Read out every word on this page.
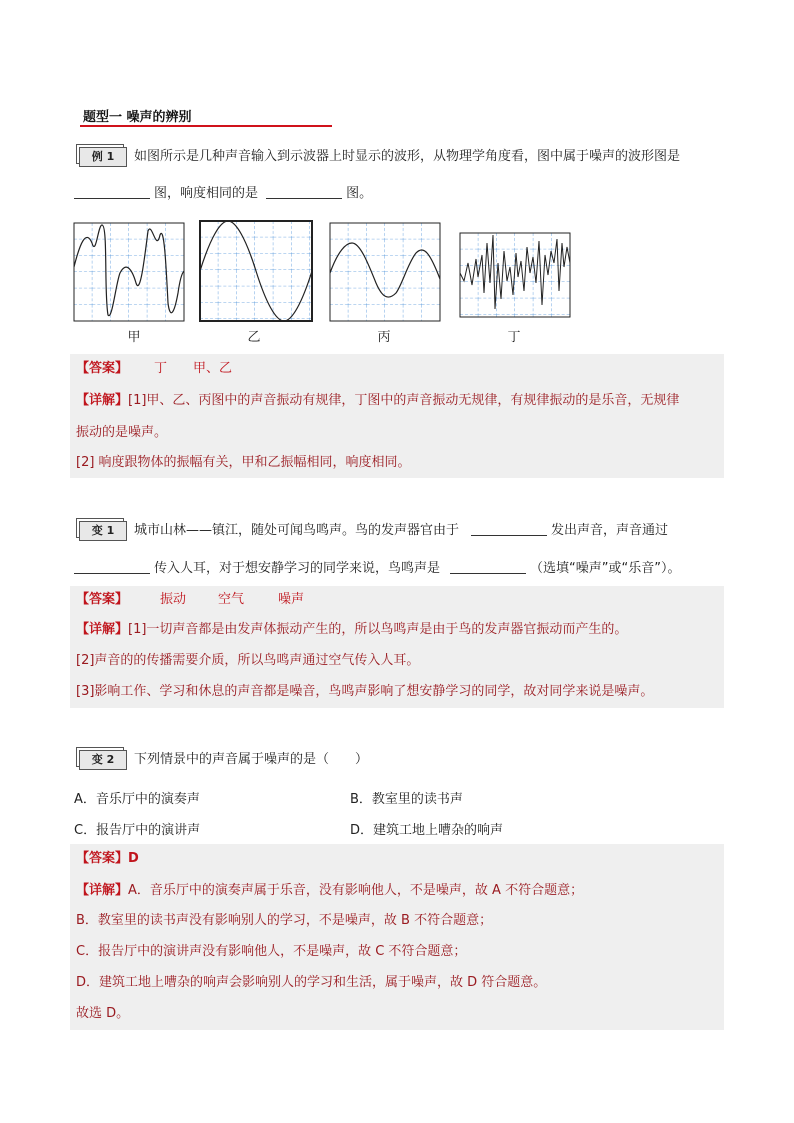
题型一 噪声的辨别
例 1	如图所示是几种声音输入到示波器上时显示的波形，从物理学角度看，图中属于噪声的波形图是
图，响度相同的是	图。
甲	乙	丙	丁
【答案】 丁 甲、乙
【详解】[1]甲、乙、丙图中的声音振动有规律，丁图中的声音振动无规律，有规律振动的是乐音，无规律
振动的是噪声。
[2] 响度跟物体的振幅有关，甲和乙振幅相同，响度相同。
变 1	城市山林——镇江，随处可闻鸟鸣声。鸟的发声器官由于	发出声音，声音通过
传入人耳，对于想安静学习的同学来说，鸟鸣声是	（选填“噪声”或“乐音”）。
【答案】 振动 空气	噪声
【详解】[1]一切声音都是由发声体振动产生的，所以鸟鸣声是由于鸟的发声器官振动而产生的。
[2]声音的的传播需要介质，所以鸟鸣声通过空气传入人耳。
[3]影响工作、学习和休息的声音都是噪音，鸟鸣声影响了想安静学习的同学，故对同学来说是噪声。
变 2	下列情景中的声音属于噪声的是（　　）
A．音乐厅中的演奏声	B．教室里的读书声
C．报告厅中的演讲声	D．建筑工地上嘈杂的响声
【答案】D
【详解】A．音乐厅中的演奏声属于乐音，没有影响他人，不是噪声，故 A 不符合题意；
B．教室里的读书声没有影响别人的学习，不是噪声，故 B 不符合题意；
C．报告厅中的演讲声没有影响他人，不是噪声，故 C 不符合题意；
D．建筑工地上嘈杂的响声会影响别人的学习和生活，属于噪声，故 D 符合题意。
故选 D。
